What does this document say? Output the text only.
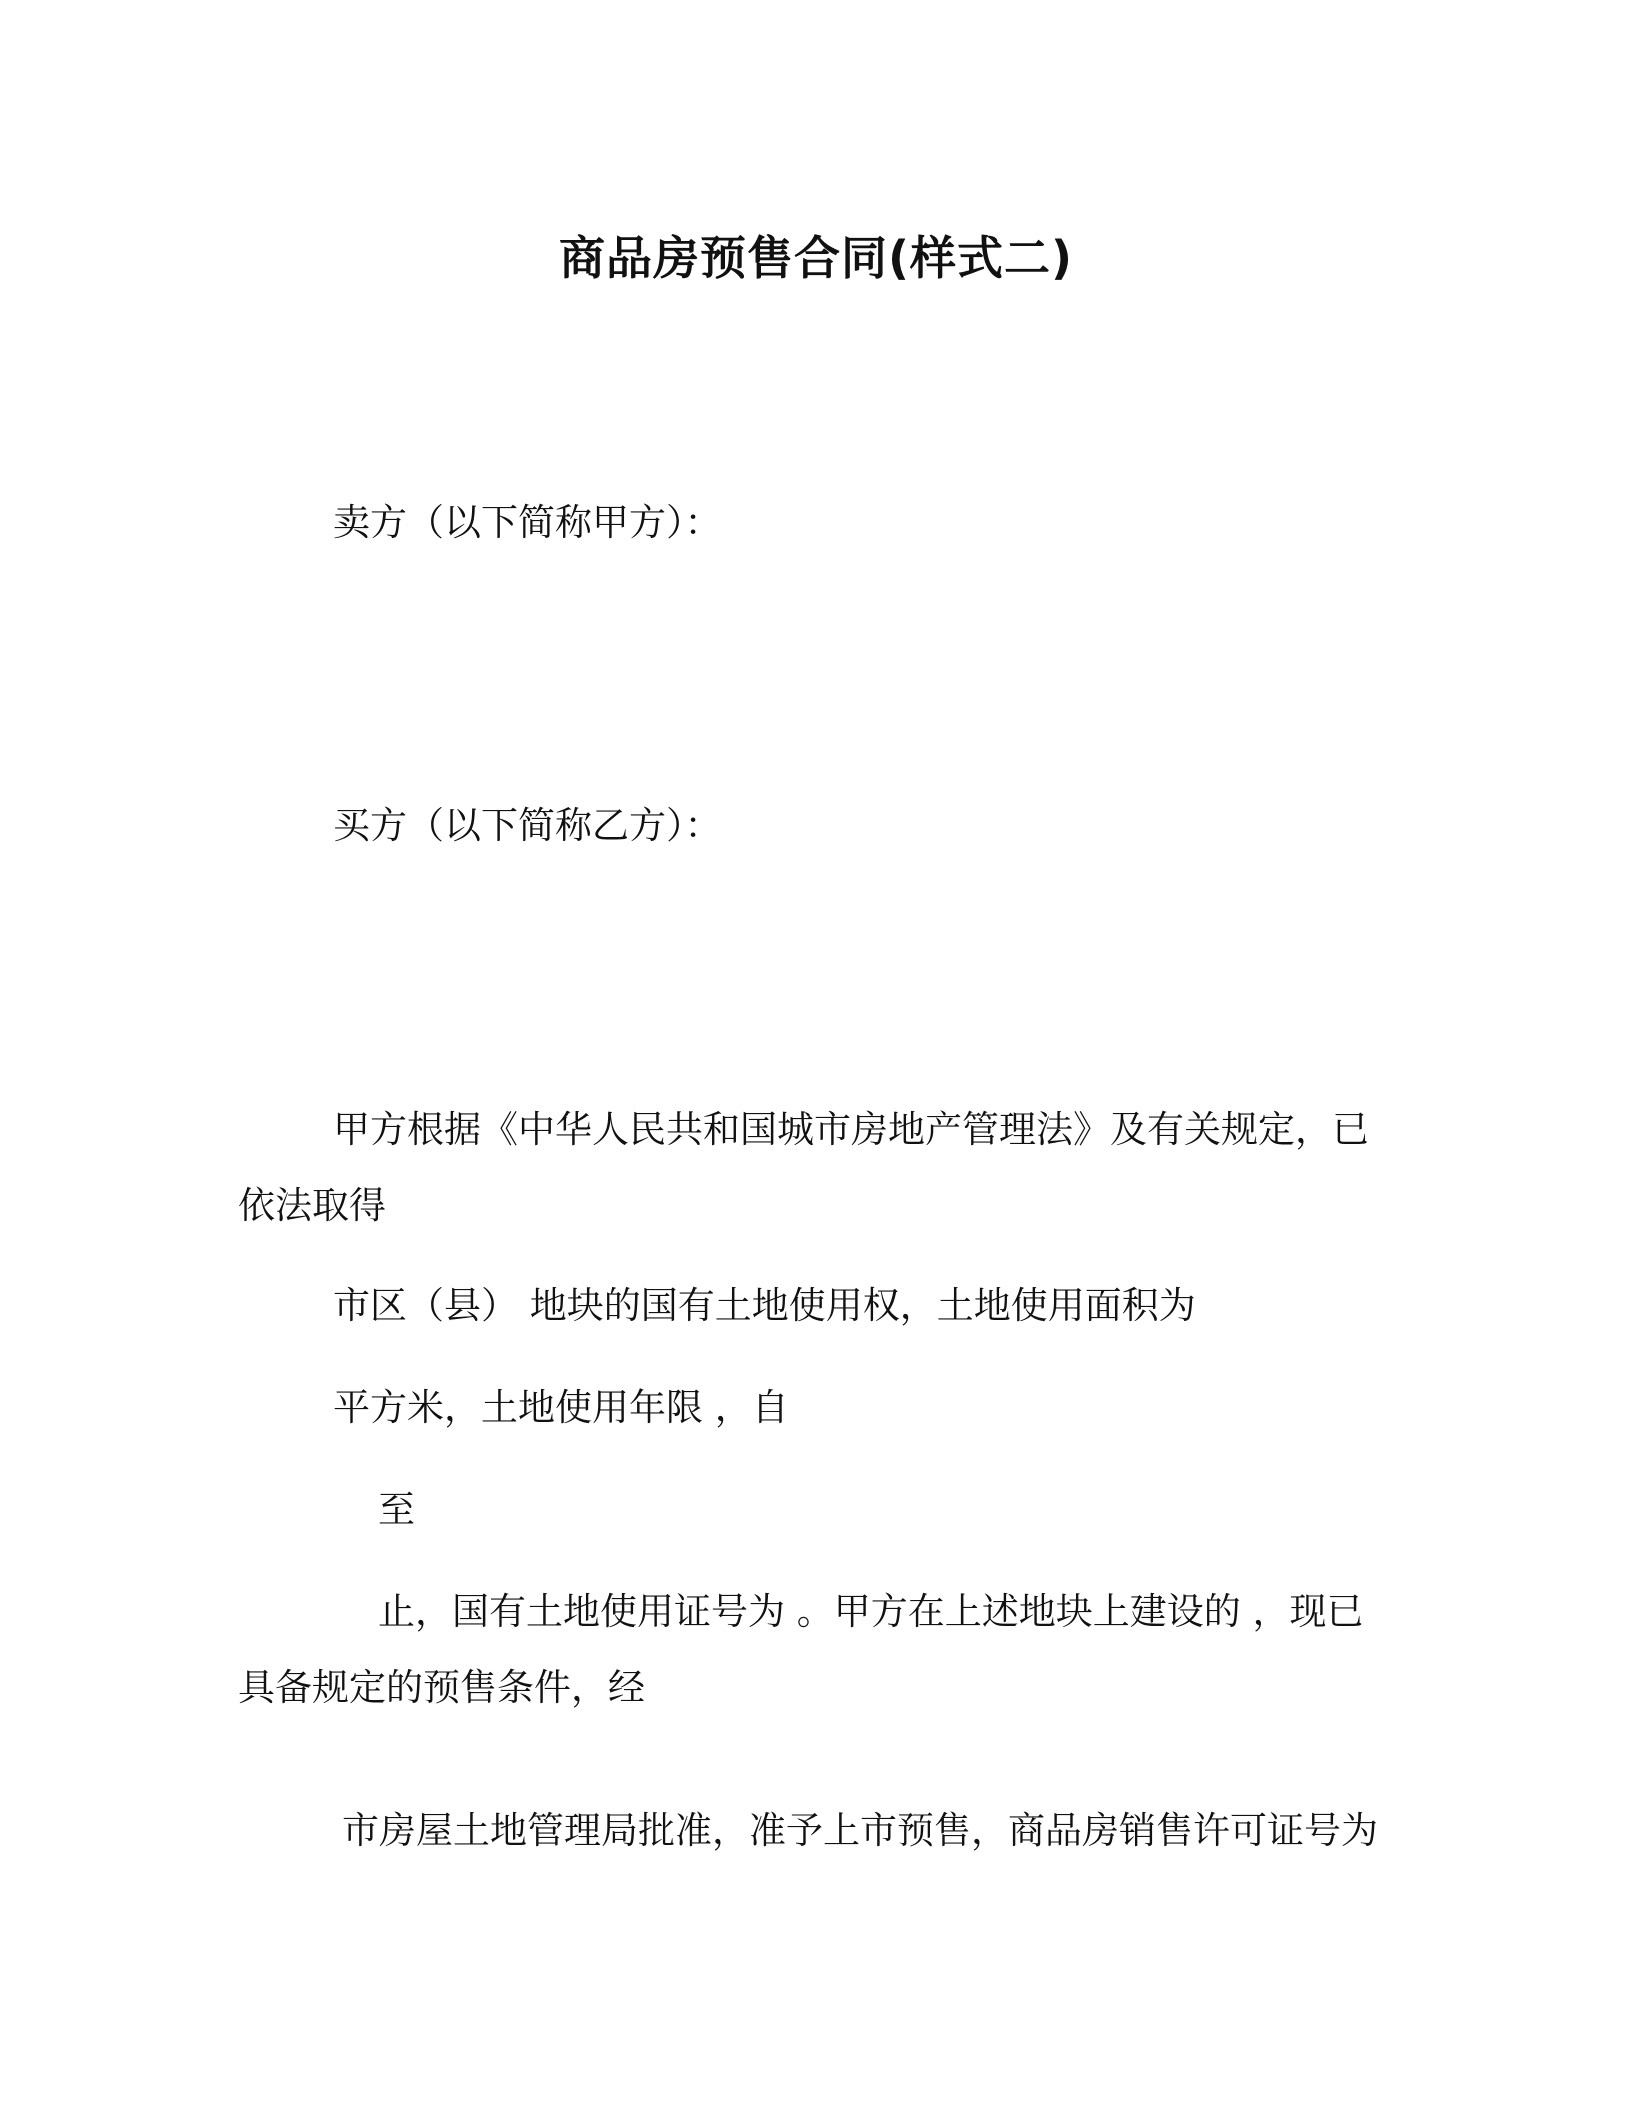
商品房预售合同(样式二)
卖方（以下简称甲方）：
买方（以下简称乙方）：
甲方根据《中华人民共和国城市房地产管理法》及有关规定，已
依法取得
市区（县） 地块的国有土地使用权，土地使用面积为
平方米，土地使用年限 ，自
至
止，国有土地使用证号为 。甲方在上述地块上建设的 ，现已
具备规定的预售条件，经
市房屋土地管理局批准，准予上市预售，商品房销售许可证号为
